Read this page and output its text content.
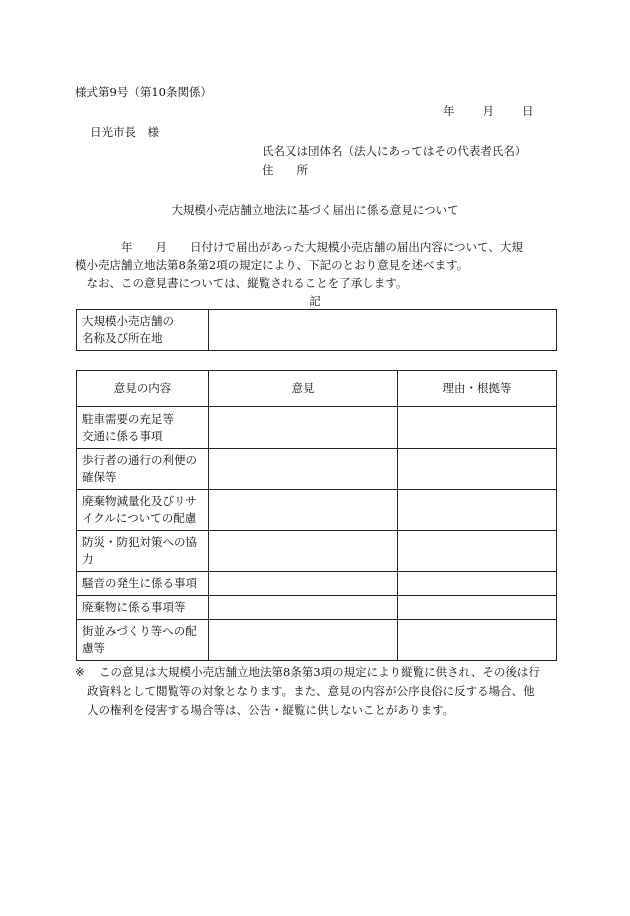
様式第9号（第10条関係）
年 月 日
日光市長　様
氏名又は団体名（法人にあってはその代表者氏名）
住　　所
大規模小売店舗立地法に基づく届出に係る意見について

　　　　年　　月　　日付けで届出があった大規模小売店舗の届出内容について、大規

模小売店舗立地法第8条第2項の規定により、下記のとおり意見を述べます。

　なお、この意見書については、縦覧されることを了承します。

記
大規模小売店舗の
名称及び所在地

意見の内容	意見	理由・根拠等

駐車需要の充足等
交通に係る事項		

歩行者の通行の利便の
確保等		

廃棄物減量化及びリサ
イクルについての配慮		

防災・防犯対策への協
力		

騒音の発生に係る事項		

廃棄物に係る事項等		

街並みづくり等への配
慮等		

※ この意見は大規模小売店舗立地法第8条第3項の規定により縦覧に供され、その後は行

政資料として閲覧等の対象となります。また、意見の内容が公序良俗に反する場合、他

人の権利を侵害する場合等は、公告・縦覧に供しないことがあります。
